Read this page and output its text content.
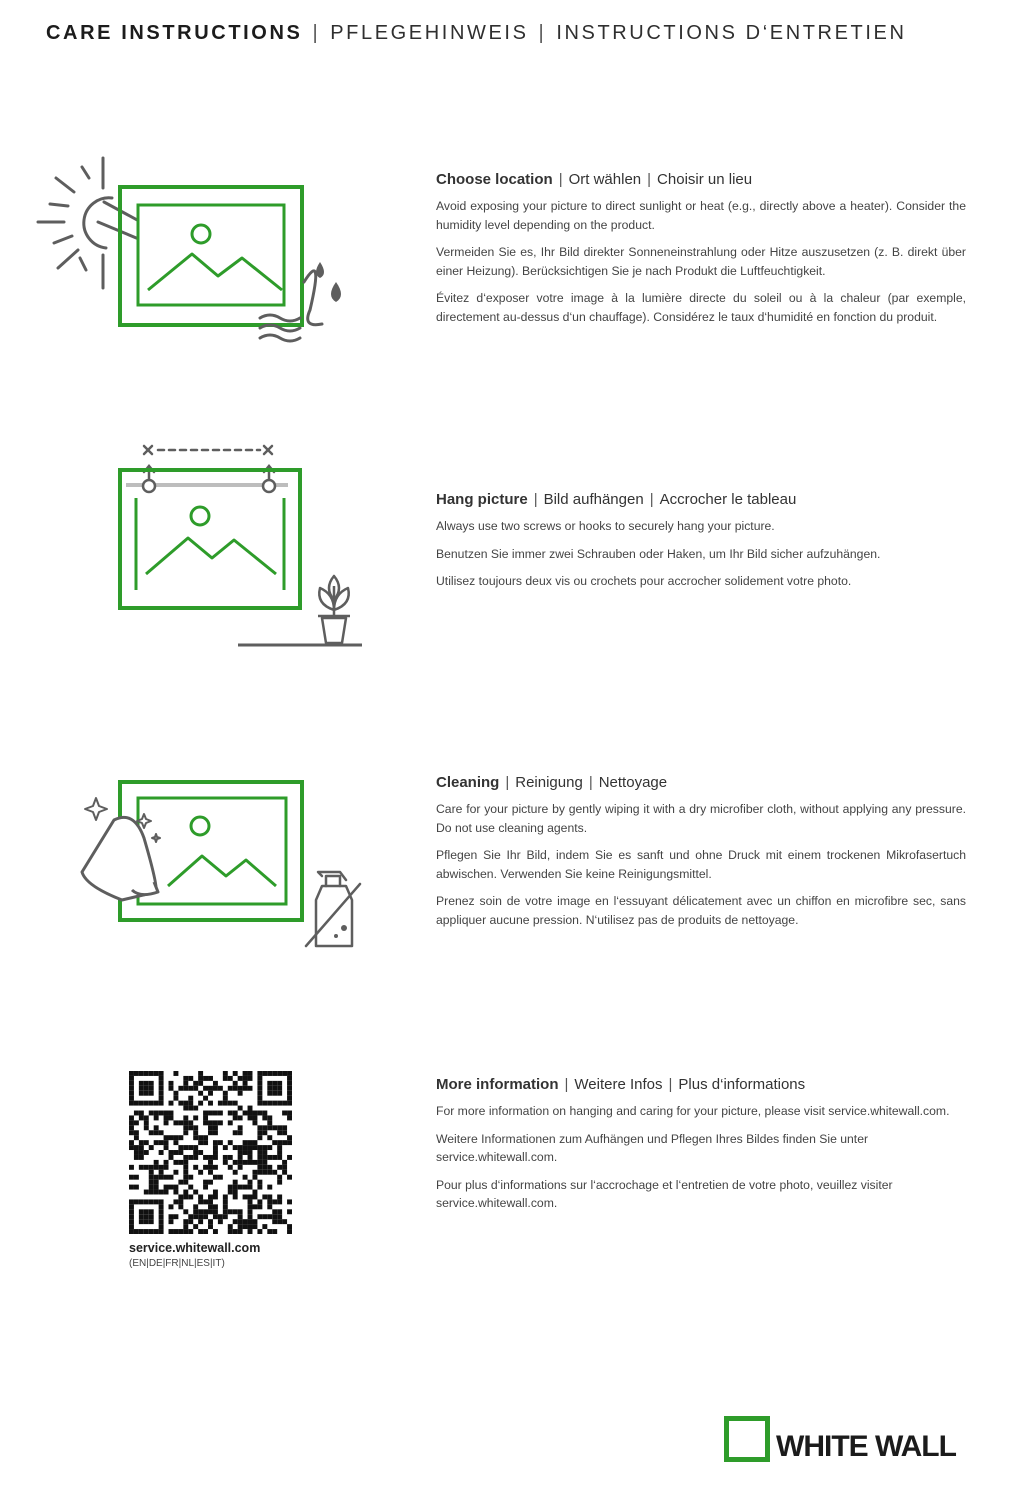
CARE INSTRUCTIONS | PFLEGEHINWEIS | INSTRUCTIONS D‘ENTRETIEN
Choose location | Ort wählen | Choisir un lieu

Avoid exposing your picture to direct sunlight or heat (e.g., directly above a heater). Consider the humidity level depending on the product.

Vermeiden Sie es, Ihr Bild direkter Sonneneinstrahlung oder Hitze auszusetzen (z. B. direkt über einer Heizung). Berücksichtigen Sie je nach Produkt die Luftfeuchtigkeit.

Évitez d‘exposer votre image à la lumière directe du soleil ou à la chaleur (par exemple, directement au-dessus d‘un chauffage). Considérez le taux d‘humidité en fonction du produit.

Hang picture | Bild aufhängen | Accrocher le tableau

Always use two screws or hooks to securely hang your picture.

Benutzen Sie immer zwei Schrauben oder Haken, um Ihr Bild sicher aufzuhängen.

Utilisez toujours deux vis ou crochets pour accrocher solidement votre photo.

Cleaning | Reinigung | Nettoyage

Care for your picture by gently wiping it with a dry microfiber cloth, without applying any pressure. Do not use cleaning agents.

Pflegen Sie Ihr Bild, indem Sie es sanft und ohne Druck mit einem trockenen Mikrofasertuch abwischen. Verwenden Sie keine Reinigungsmittel.

Prenez soin de votre image en l‘essuyant délicatement avec un chiffon en microfibre sec, sans appliquer aucune pression. N‘utilisez pas de produits de nettoyage.

service.whitewall.com
(EN|DE|FR|NL|ES|IT)
More information | Weitere Infos | Plus d‘informations

For more information on hanging and caring for your picture, please visit service.whitewall.com.

Weitere Informationen zum Aufhängen und Pflegen Ihres Bildes finden Sie unter service.whitewall.com.

Pour plus d‘informations sur l‘accrochage et l‘entretien de votre photo, veuillez visiter service.whitewall.com.

WHITE WALL
